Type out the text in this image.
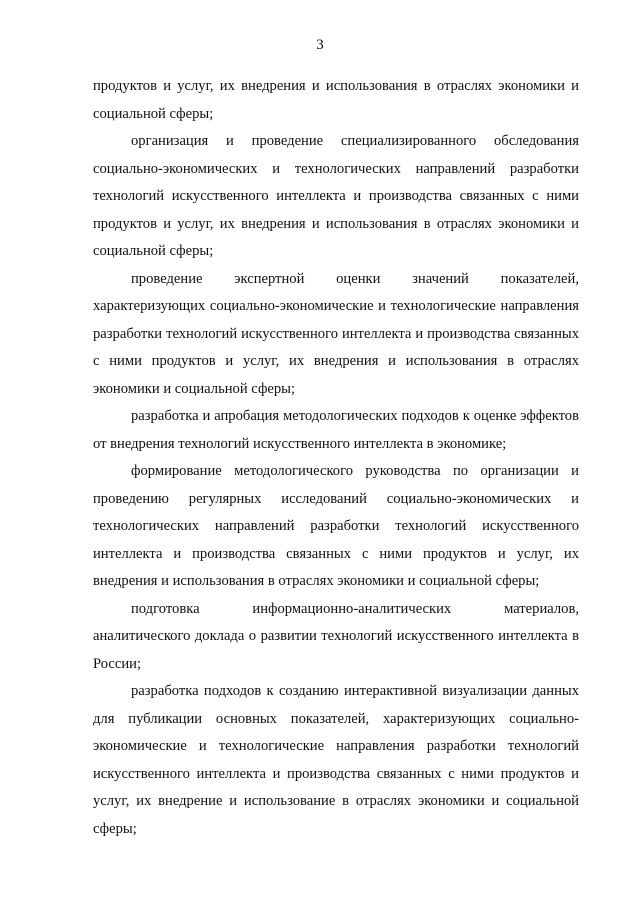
3

продуктов и услуг, их внедрения и использования в отраслях экономики и социальной сферы;

организация и проведение специализированного обследования социально-экономических и технологических направлений разработки технологий искусственного интеллекта и производства связанных с ними продуктов и услуг, их внедрения и использования в отраслях экономики и социальной сферы;

проведение экспертной оценки значений показателей, характеризующих социально-экономические и технологические направления разработки технологий искусственного интеллекта и производства связанных с ними продуктов и услуг, их внедрения и использования в отраслях экономики и социальной сферы;

разработка и апробация методологических подходов к оценке эффектов от внедрения технологий искусственного интеллекта в экономике;

формирование методологического руководства по организации и проведению регулярных исследований социально-экономических и технологических направлений разработки технологий искусственного интеллекта и производства связанных с ними продуктов и услуг, их внедрения и использования в отраслях экономики и социальной сферы;

подготовка информационно-аналитических материалов, аналитического доклада о развитии технологий искусственного интеллекта в России;

разработка подходов к созданию интерактивной визуализации данных для публикации основных показателей, характеризующих социально-экономические и технологические направления разработки технологий искусственного интеллекта и производства связанных с ними продуктов и услуг, их внедрение и использование в отраслях экономики и социальной сферы;
